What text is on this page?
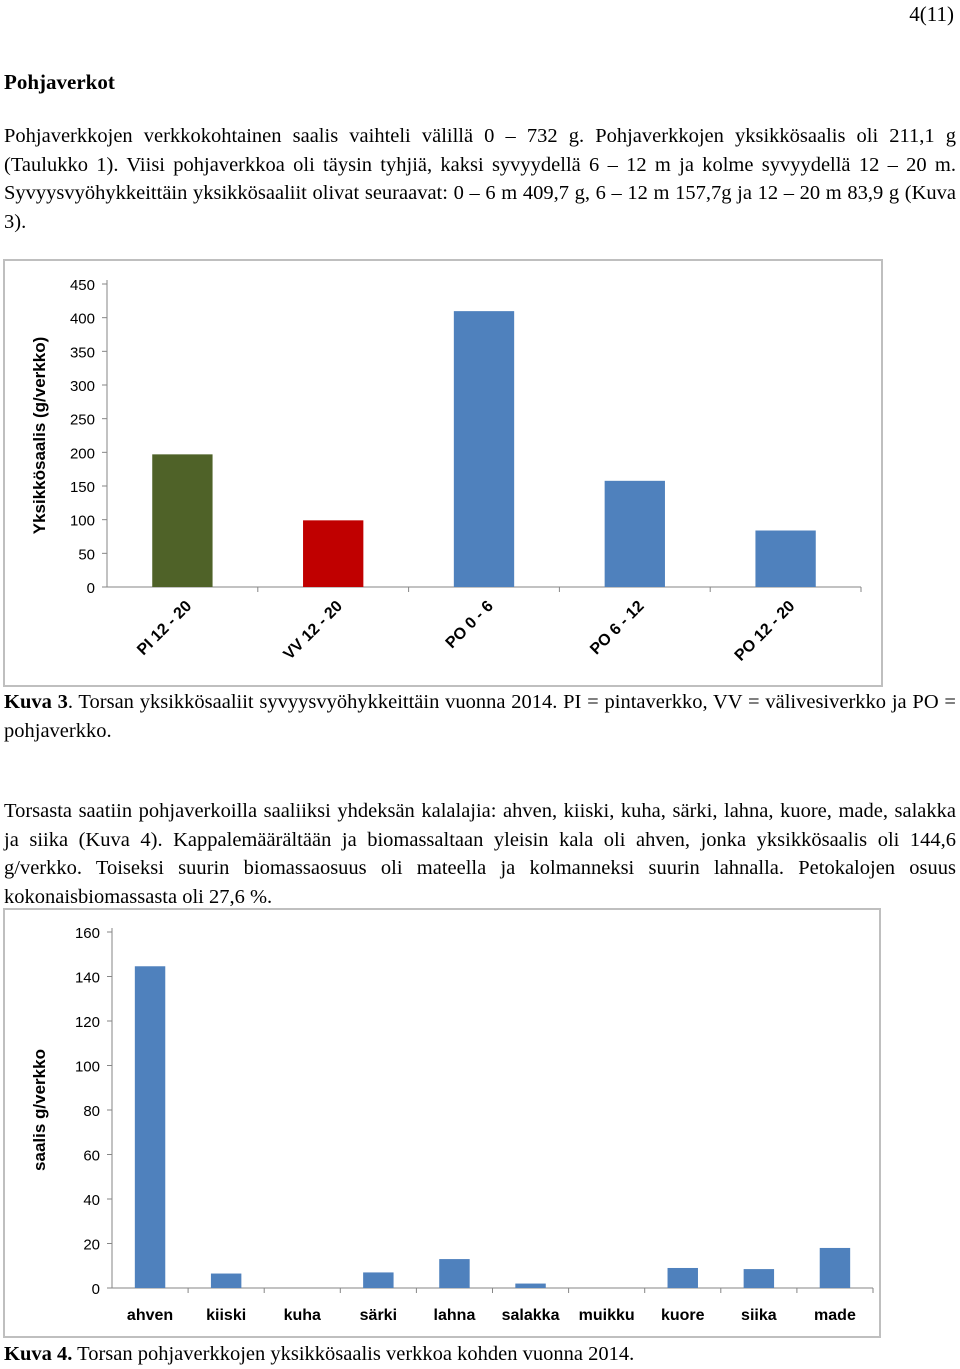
4(11)
Pohjaverkot
Pohjaverkkojen verkkokohtainen saalis vaihteli välillä 0 – 732 g. Pohjaverkkojen yksikkösaalis oli 211,1 g (Taulukko 1). Viisi pohjaverkkoa oli täysin tyhjiä, kaksi syvyydellä 6 – 12 m ja kolme syvyydellä 12 – 20 m. Syvyysvyöhykkeittäin yksikkösaaliit olivat seuraavat: 0 – 6 m 409,7 g, 6 – 12 m 157,7g ja 12 – 20 m 83,9 g (Kuva 3).
0
50
100
150
200
250
300
350
400
450
Yksikkösaalis (g/verkko)
PI 12 - 20	VV 12 - 20	PO 0 - 6	PO 6 - 12	PO 12 - 20
Kuva 3. Torsan yksikkösaaliit syvyysvyöhykkeittäin vuonna 2014. PI = pintaverkko, VV = välivesiverkko ja PO = pohjaverkko.
Torsasta saatiin pohjaverkoilla saaliiksi yhdeksän kalalajia: ahven, kiiski, kuha, särki, lahna, kuore, made, salakka ja siika (Kuva 4). Kappalemäärältään ja biomassaltaan yleisin kala oli ahven, jonka yksikkösaalis oli 144,6 g/verkko. Toiseksi suurin biomassaosuus oli mateella ja kolmanneksi suurin lahnalla. Petokalojen osuus kokonaisbiomassasta oli 27,6 %.
0
20
40
60
80
100
120
140
160
saalis g/verkko
ahven kiiski kuha särki lahna salakka muikku kuore siika made
Kuva 4. Torsan pohjaverkkojen yksikkösaalis verkkoa kohden vuonna 2014.
